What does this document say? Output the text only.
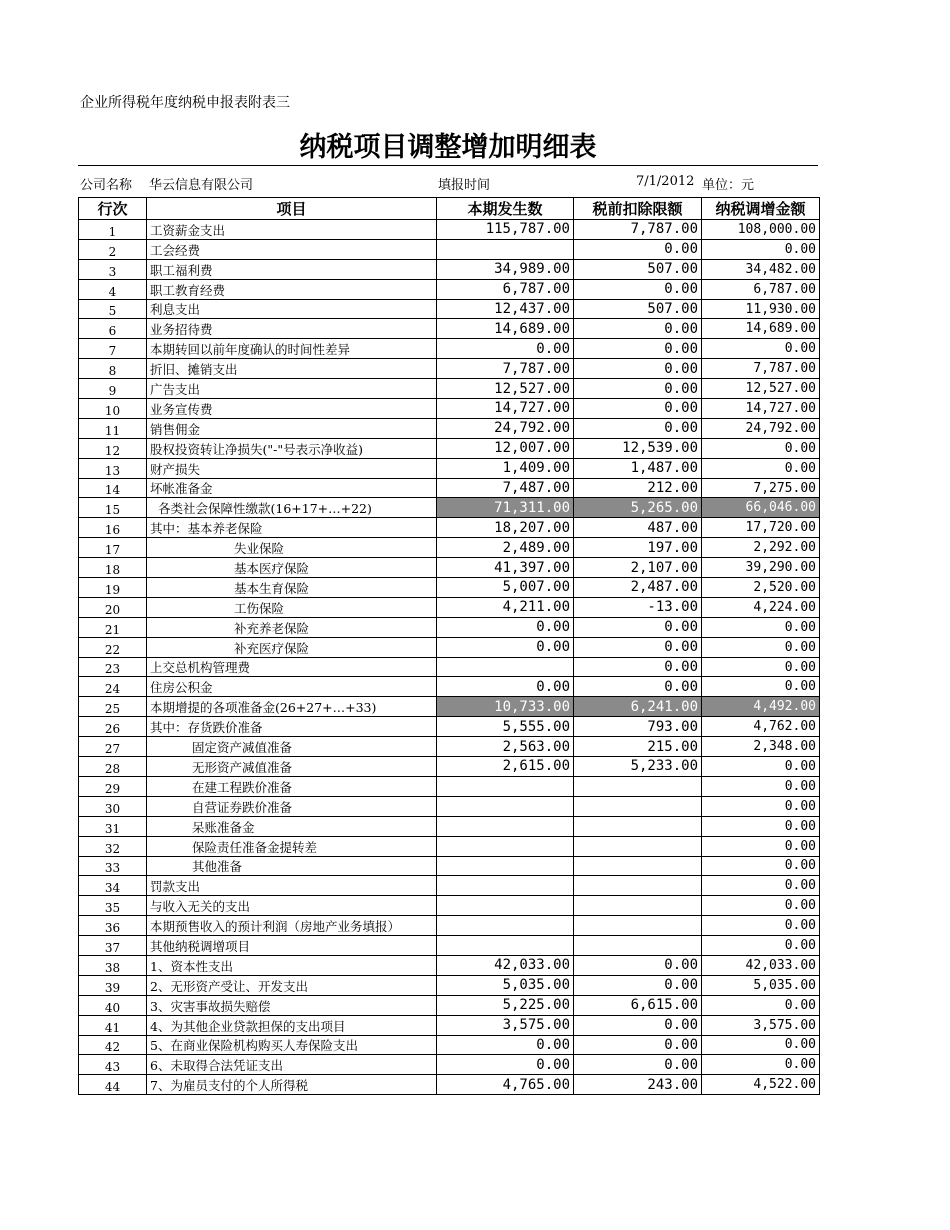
企业所得税年度纳税申报表附表三
纳税项目调整增加明细表
公司名称 华云信息有限公司	填报时间	7/1/2012 单位：元
行次	项目	本期发生数	税前扣除限额	纳税调增金额
1	工资薪金支出	115,787.00	7,787.00	108,000.00
2	工会经费		0.00	0.00
3	职工福利费	34,989.00	507.00	34,482.00
4	职工教育经费	6,787.00	0.00	6,787.00
5	利息支出	12,437.00	507.00	11,930.00
6	业务招待费	14,689.00	0.00	14,689.00
7	本期转回以前年度确认的时间性差异	0.00	0.00	0.00
8	折旧、摊销支出	7,787.00	0.00	7,787.00
9	广告支出	12,527.00	0.00	12,527.00
10	业务宣传费	14,727.00	0.00	14,727.00
11	销售佣金	24,792.00	0.00	24,792.00
12	股权投资转让净损失("-"号表示净收益)	12,007.00	12,539.00	0.00
13	财产损失	1,409.00	1,487.00	0.00
14	坏帐准备金	7,487.00	212.00	7,275.00
15	各类社会保障性缴款(16+17+…+22)	71,311.00	5,265.00	66,046.00
16	其中：基本养老保险	18,207.00	487.00	17,720.00
17	失业保险	2,489.00	197.00	2,292.00
18	基本医疗保险	41,397.00	2,107.00	39,290.00
19	基本生育保险	5,007.00	2,487.00	2,520.00
20	工伤保险	4,211.00	-13.00	4,224.00
21	补充养老保险	0.00	0.00	0.00
22	补充医疗保险	0.00	0.00	0.00
23	上交总机构管理费		0.00	0.00
24	住房公积金	0.00	0.00	0.00
25	本期增提的各项准备金(26+27+…+33)	10,733.00	6,241.00	4,492.00
26	其中：存货跌价准备	5,555.00	793.00	4,762.00
27	固定资产减值准备	2,563.00	215.00	2,348.00
28	无形资产减值准备	2,615.00	5,233.00	0.00
29	在建工程跌价准备			0.00
30	自营证券跌价准备			0.00
31	呆账准备金			0.00
32	保险责任准备金提转差			0.00
33	其他准备			0.00
34	罚款支出			0.00
35	与收入无关的支出			0.00
36	本期预售收入的预计利润（房地产业务填报）			0.00
37	其他纳税调增项目			0.00
38	1、资本性支出	42,033.00	0.00	42,033.00
39	2、无形资产受让、开发支出	5,035.00	0.00	5,035.00
40	3、灾害事故损失赔偿	5,225.00	6,615.00	0.00
41	4、为其他企业贷款担保的支出项目	3,575.00	0.00	3,575.00
42	5、在商业保险机构购买人寿保险支出	0.00	0.00	0.00
43	6、未取得合法凭证支出	0.00	0.00	0.00
44	7、为雇员支付的个人所得税	4,765.00	243.00	4,522.00
